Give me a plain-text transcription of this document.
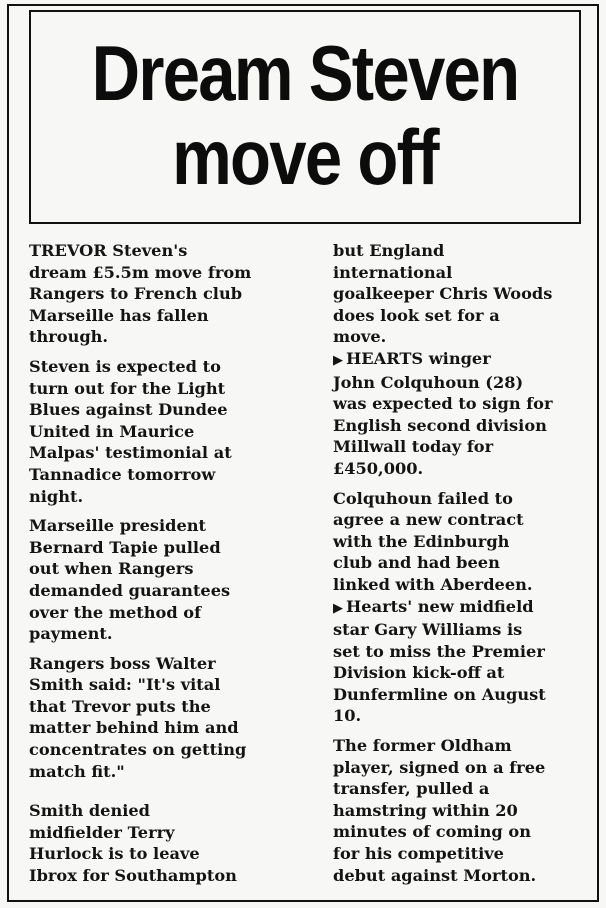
Dream Steven
move off
TREVOR Steven's
dream £5.5m move from
Rangers to French club
Marseille has fallen
through.
Steven is expected to
turn out for the Light
Blues against Dundee
United in Maurice
Malpas' testimonial at
Tannadice tomorrow
night.
Marseille president
Bernard Tapie pulled
out when Rangers
demanded guarantees
over the method of
payment.
Rangers boss Walter
Smith said: "It's vital
that Trevor puts the
matter behind him and
concentrates on getting
match fit."
Smith denied
midfielder Terry
Hurlock is to leave
Ibrox for Southampton
but England
international
goalkeeper Chris Woods
does look set for a
move.
▶ HEARTS winger
John Colquhoun (28)
was expected to sign for
English second division
Millwall today for
£450,000.
Colquhoun failed to
agree a new contract
with the Edinburgh
club and had been
linked with Aberdeen.
▶ Hearts' new midfield
star Gary Williams is
set to miss the Premier
Division kick-off at
Dunfermline on August
10.
The former Oldham
player, signed on a free
transfer, pulled a
hamstring within 20
minutes of coming on
for his competitive
debut against Morton.
